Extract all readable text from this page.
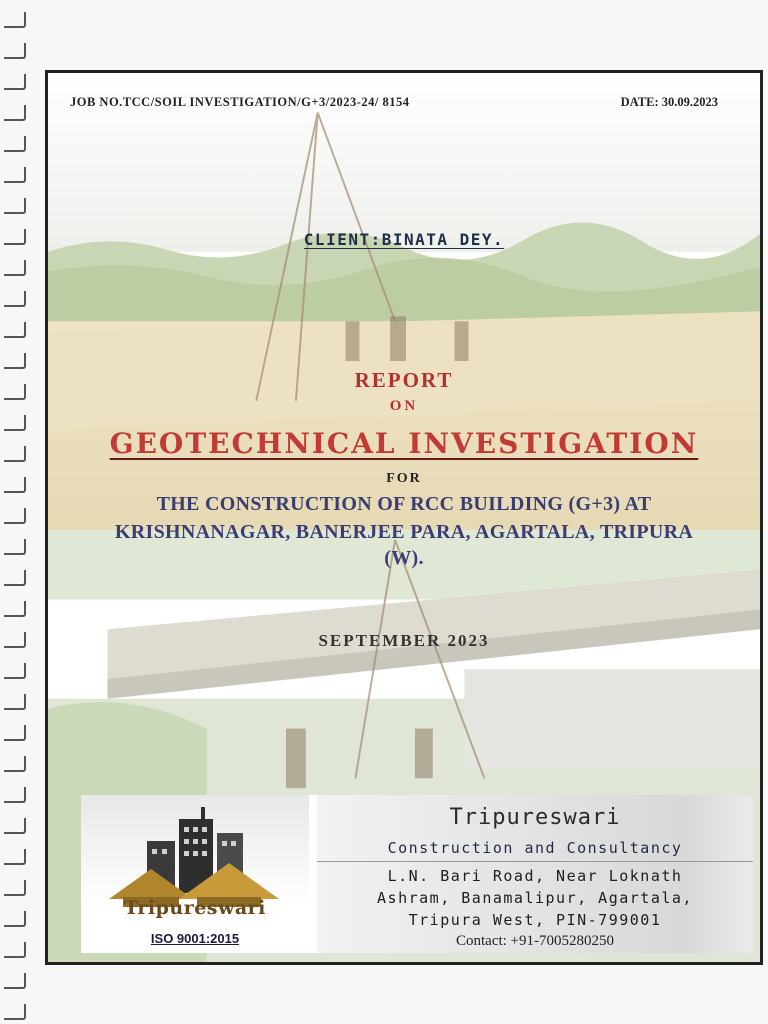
JOB NO.TCC/SOIL INVESTIGATION/G+3/2023-24/ 8154	DATE: 30.09.2023
CLIENT:BINATA DEY.
REPORT
ON
GEOTECHNICAL INVESTIGATION
FOR
THE CONSTRUCTION OF RCC BUILDING (G+3) AT
KRISHNANAGAR, BANERJEE PARA, AGARTALA, TRIPURA
(W).
SEPTEMBER 2023
Tripureswari
ISO 9001:2015
Tripureswari
Construction and Consultancy
L.N. Bari Road, Near Loknath
Ashram, Banamalipur, Agartala,
Tripura West, PIN-799001
Contact: +91-7005280250
